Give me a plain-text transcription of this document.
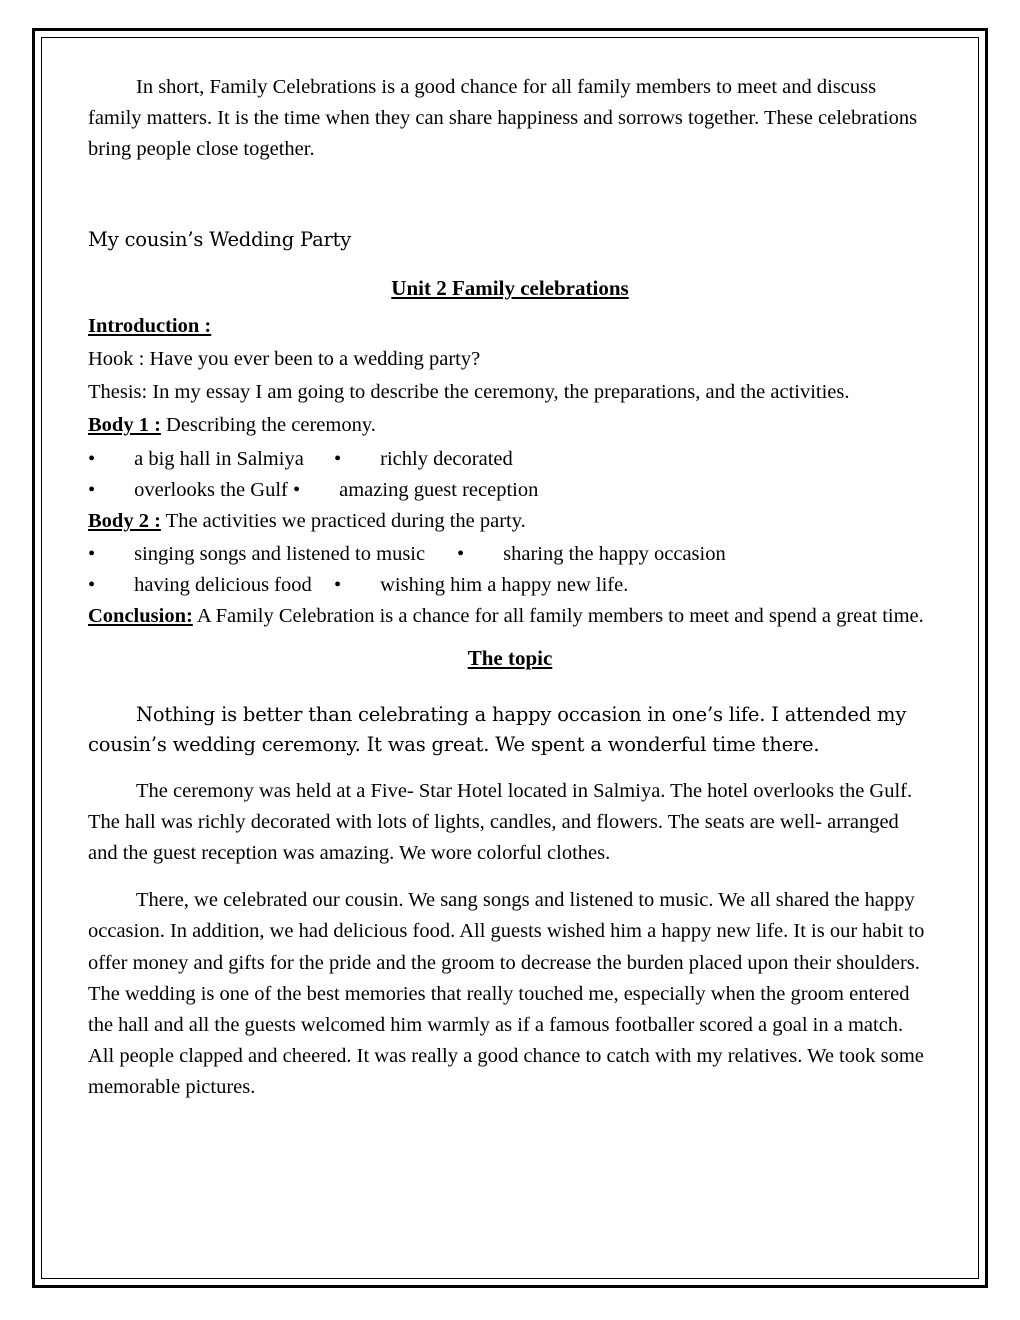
In short, Family Celebrations is a good chance for all family members to meet and discuss family matters. It is the time when they can share happiness and sorrows together. These celebrations bring people close together.

My cousin’s Wedding Party

Unit 2 Family celebrations

Introduction :

Hook : Have you ever been to a wedding party?

Thesis: In my essay I am going to describe the ceremony, the preparations, and the activities.

Body 1 : Describing the ceremony.

•	a big hall in Salmiya	•	richly decorated

•	overlooks the Gulf •	amazing guest reception

Body 2 : The activities we practiced during the party.

•	singing songs and listened to music	•	sharing the happy occasion

•	having delicious food	•	wishing him a happy new life.

Conclusion: A Family Celebration is a chance for all family members to meet and spend a great time.

The topic

Nothing is better than celebrating a happy occasion in one’s life. I attended my cousin’s wedding ceremony. It was great. We spent a wonderful time there.

The ceremony was held at a Five- Star Hotel located in Salmiya. The hotel overlooks the Gulf. The hall was richly decorated with lots of lights, candles, and flowers. The seats are well- arranged and the guest reception was amazing. We wore colorful clothes.

There, we celebrated our cousin. We sang songs and listened to music. We all shared the happy occasion. In addition, we had delicious food. All guests wished him a happy new life. It is our habit to offer money and gifts for the pride and the groom to decrease the burden placed upon their shoulders. The wedding is one of the best memories that really touched me, especially when the groom entered the hall and all the guests welcomed him warmly as if a famous footballer scored a goal in a match. All people clapped and cheered. It was really a good chance to catch with my relatives. We took some memorable pictures.
